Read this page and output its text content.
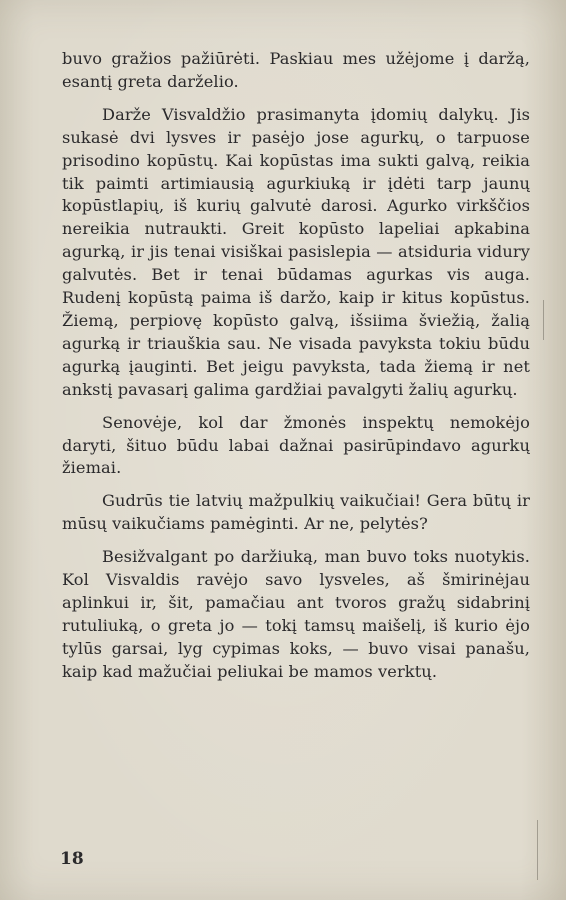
buvo gražios pažiūrėti. Paskiau mes užėjome į daržą, esantį greta darželio.

Darže Visvaldžio prasimanyta įdomių dalykų. Jis sukasė dvi lysves ir pasėjo jose agurkų, o tarpuose prisodino kopūstų. Kai kopūstas ima sukti galvą, reikia tik paimti artimiausią agurkiuką ir įdėti tarp jaunų kopūstlapių, iš kurių galvutė darosi. Agurko virkščios nereikia nutraukti. Greit kopūsto lapeliai apkabina agurką, ir jis tenai visiškai pasislepia — atsiduria vidury galvutės. Bet ir tenai būdamas agurkas vis auga. Rudenį kopūstą paima iš daržo, kaip ir kitus kopūstus. Žiemą, perpiovę kopūsto galvą, išsiima šviežią, žalią agurką ir triauškia sau. Ne visada pavyksta tokiu būdu agurką įauginti. Bet jeigu pavyksta, tada žiemą ir net ankstį pavasarį galima gardžiai pavalgyti žalių agurkų.

Senovėje, kol dar žmonės inspektų nemokėjo daryti, šituo būdu labai dažnai pasirūpindavo agurkų žiemai.

Gudrūs tie latvių mažpulkių vaikučiai! Gera būtų ir mūsų vaikučiams pamėginti. Ar ne, pelytės?

Besižvalgant po daržiuką, man buvo toks nuotykis. Kol Visvaldis ravėjo savo lysveles, aš šmirinėjau aplinkui ir, šit, pamačiau ant tvoros gražų sidabrinį rutuliuką, o greta jo — tokį tamsų maišelį, iš kurio ėjo tylūs garsai, lyg cypimas koks, — buvo visai panašu, kaip kad mažučiai peliukai be mamos verktų.

18
